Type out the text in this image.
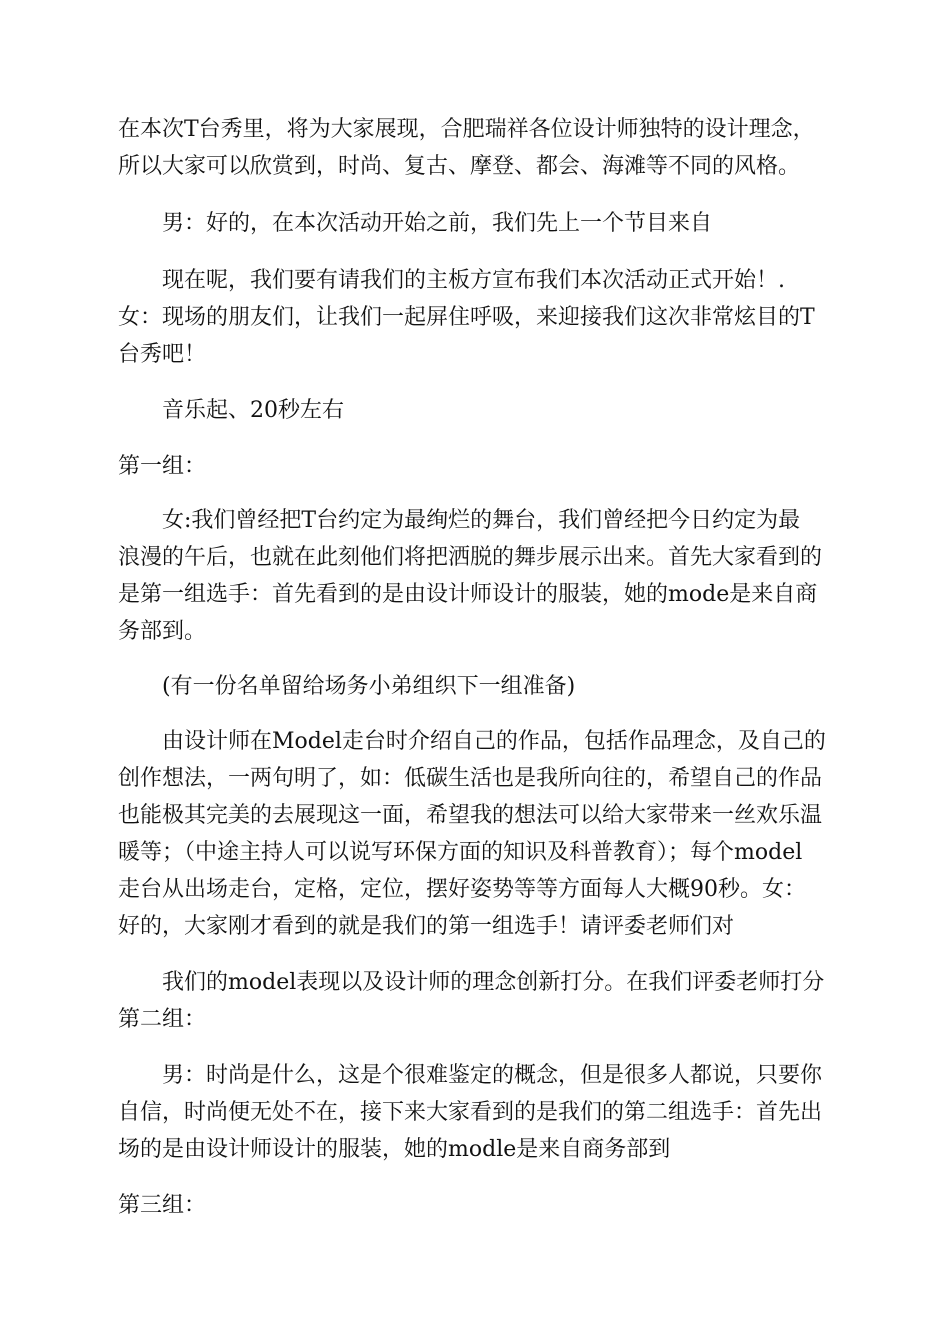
在本次T台秀里，将为大家展现，合肥瑞祥各位设计师独特的设计理念，
所以大家可以欣赏到，时尚、复古、摩登、都会、海滩等不同的风格。
男：好的，在本次活动开始之前，我们先上一个节目来自
现在呢，我们要有请我们的主板方宣布我们本次活动正式开始！.
女：现场的朋友们，让我们一起屏住呼吸，来迎接我们这次非常炫目的T
台秀吧！
音乐起、20秒左右
第一组：
女:我们曾经把T台约定为最绚烂的舞台，我们曾经把今日约定为最
浪漫的午后，也就在此刻他们将把洒脱的舞步展示出来。首先大家看到的
是第一组选手：首先看到的是由设计师设计的服装，她的mode是来自商
务部到。
(有一份名单留给场务小弟组织下一组准备)
由设计师在Model走台时介绍自己的作品，包括作品理念，及自己的
创作想法，一两句明了，如：低碳生活也是我所向往的，希望自己的作品
也能极其完美的去展现这一面，希望我的想法可以给大家带来一丝欢乐温
暖等；（中途主持人可以说写环保方面的知识及科普教育）；每个model
走台从出场走台，定格，定位，摆好姿势等等方面每人大概90秒。女：
好的，大家刚才看到的就是我们的第一组选手！请评委老师们对
我们的model表现以及设计师的理念创新打分。在我们评委老师打分
第二组：
男：时尚是什么，这是个很难鉴定的概念，但是很多人都说，只要你
自信，时尚便无处不在，接下来大家看到的是我们的第二组选手：首先出
场的是由设计师设计的服装，她的modle是来自商务部到
第三组：
